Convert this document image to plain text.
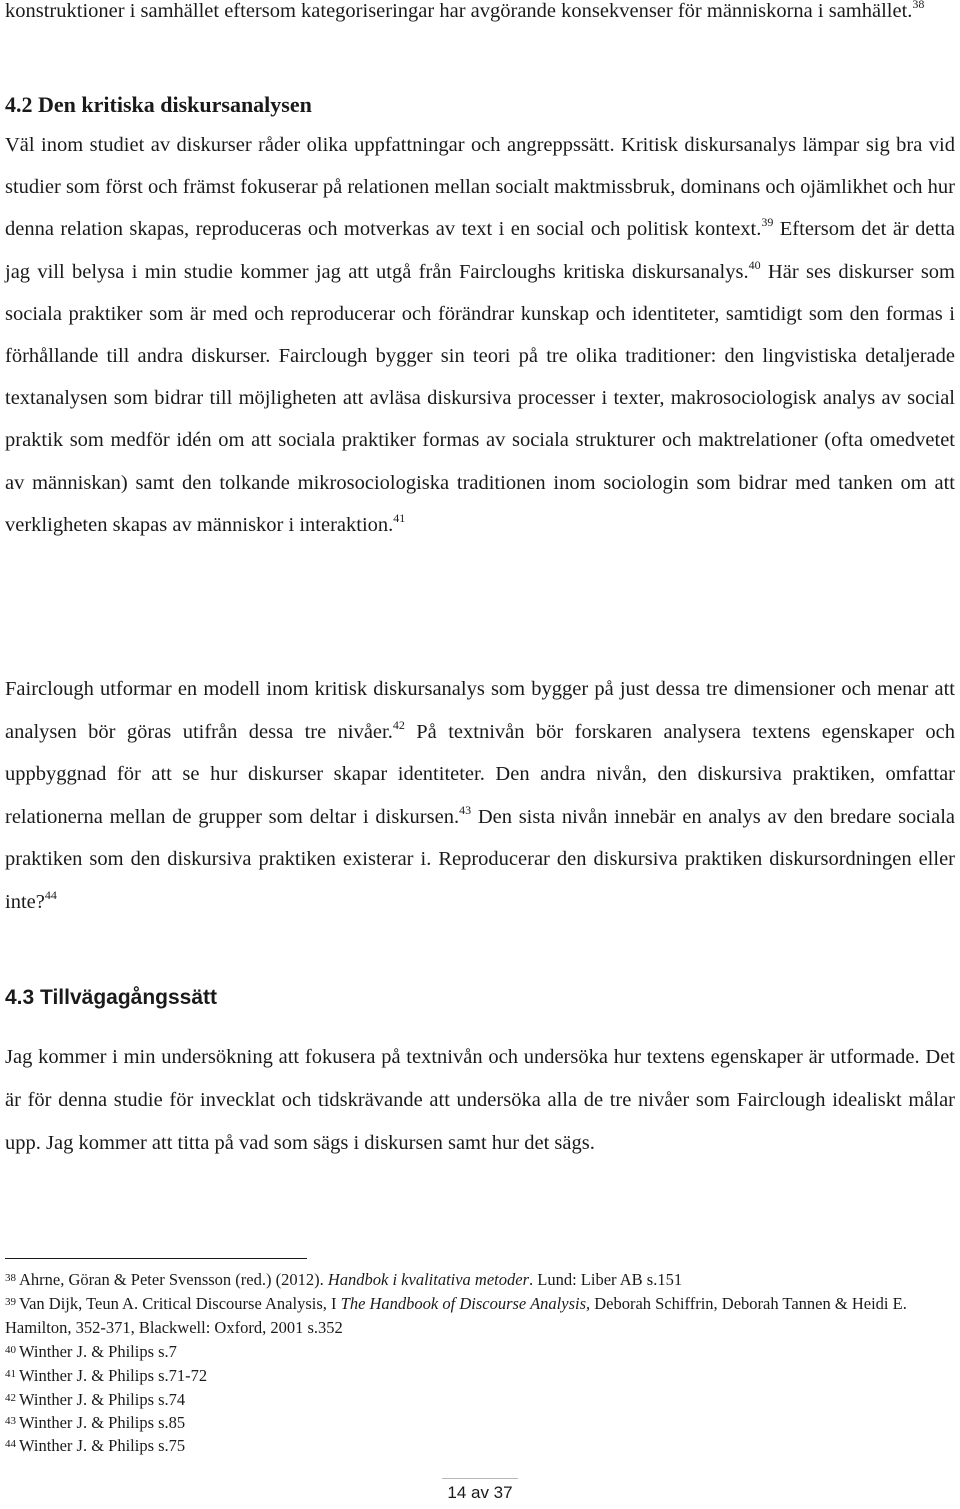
konstruktioner i samhället eftersom kategoriseringar har avgörande konsekvenser för människorna i samhället.$^{38}$

4.2 Den kritiska diskursanalysen

Väl inom studiet av diskurser råder olika uppfattningar och angreppssätt. Kritisk diskursanalys lämpar sig bra vid studier som först och främst fokuserar på relationen mellan socialt maktmissbruk, dominans och ojämlikhet och hur denna relation skapas, reproduceras och motverkas av text i en social och politisk kontext.$^{39}$ Eftersom det är detta jag vill belysa i min studie kommer jag att utgå från Faircloughs kritiska diskursanalys.$^{40}$ Här ses diskurser som sociala praktiker som är med och reproducerar och förändrar kunskap och identiteter, samtidigt som den formas i förhållande till andra diskurser. Fairclough bygger sin teori på tre olika traditioner: den lingvistiska detaljerade textanalysen som bidrar till möjligheten att avläsa diskursiva processer i texter, makrosociologisk analys av social praktik som medför idén om att sociala praktiker formas av sociala strukturer och maktrelationer (ofta omedvetet av människan) samt den tolkande mikrosociologiska traditionen inom sociologin som bidrar med tanken om att verkligheten skapas av människor i interaktion.$^{41}$

Fairclough utformar en modell inom kritisk diskursanalys som bygger på just dessa tre dimensioner och menar att analysen bör göras utifrån dessa tre nivåer.$^{42}$ På textnivån bör forskaren analysera textens egenskaper och uppbyggnad för att se hur diskurser skapar identiteter. Den andra nivån, den diskursiva praktiken, omfattar relationerna mellan de grupper som deltar i diskursen.$^{43}$ Den sista nivån innebär en analys av den bredare sociala praktiken som den diskursiva praktiken existerar i. Reproducerar den diskursiva praktiken diskursordningen eller inte?$^{44}$

4.3 Tillvägagångssätt

Jag kommer i min undersökning att fokusera på textnivån och undersöka hur textens egenskaper är utformade. Det är för denna studie för invecklat och tidskrävande att undersöka alla de tre nivåer som Fairclough idealiskt målar upp. Jag kommer att titta på vad som sägs i diskursen samt hur det sägs.

$^{38}$ Ahrne, Göran & Peter Svensson (red.) (2012). Handbok i kvalitativa metoder. Lund: Liber AB s.151

$^{39}$ Van Dijk, Teun A. Critical Discourse Analysis, I The Handbook of Discourse Analysis, Deborah Schiffrin, Deborah Tannen & Heidi E. Hamilton, 352-371, Blackwell: Oxford, 2001 s.352

$^{40}$ Winther J. & Philips s.7

$^{41}$ Winther J. & Philips s.71-72

$^{42}$ Winther J. & Philips s.74

$^{43}$ Winther J. & Philips s.85

$^{44}$ Winther J. & Philips s.75

14 av 37
